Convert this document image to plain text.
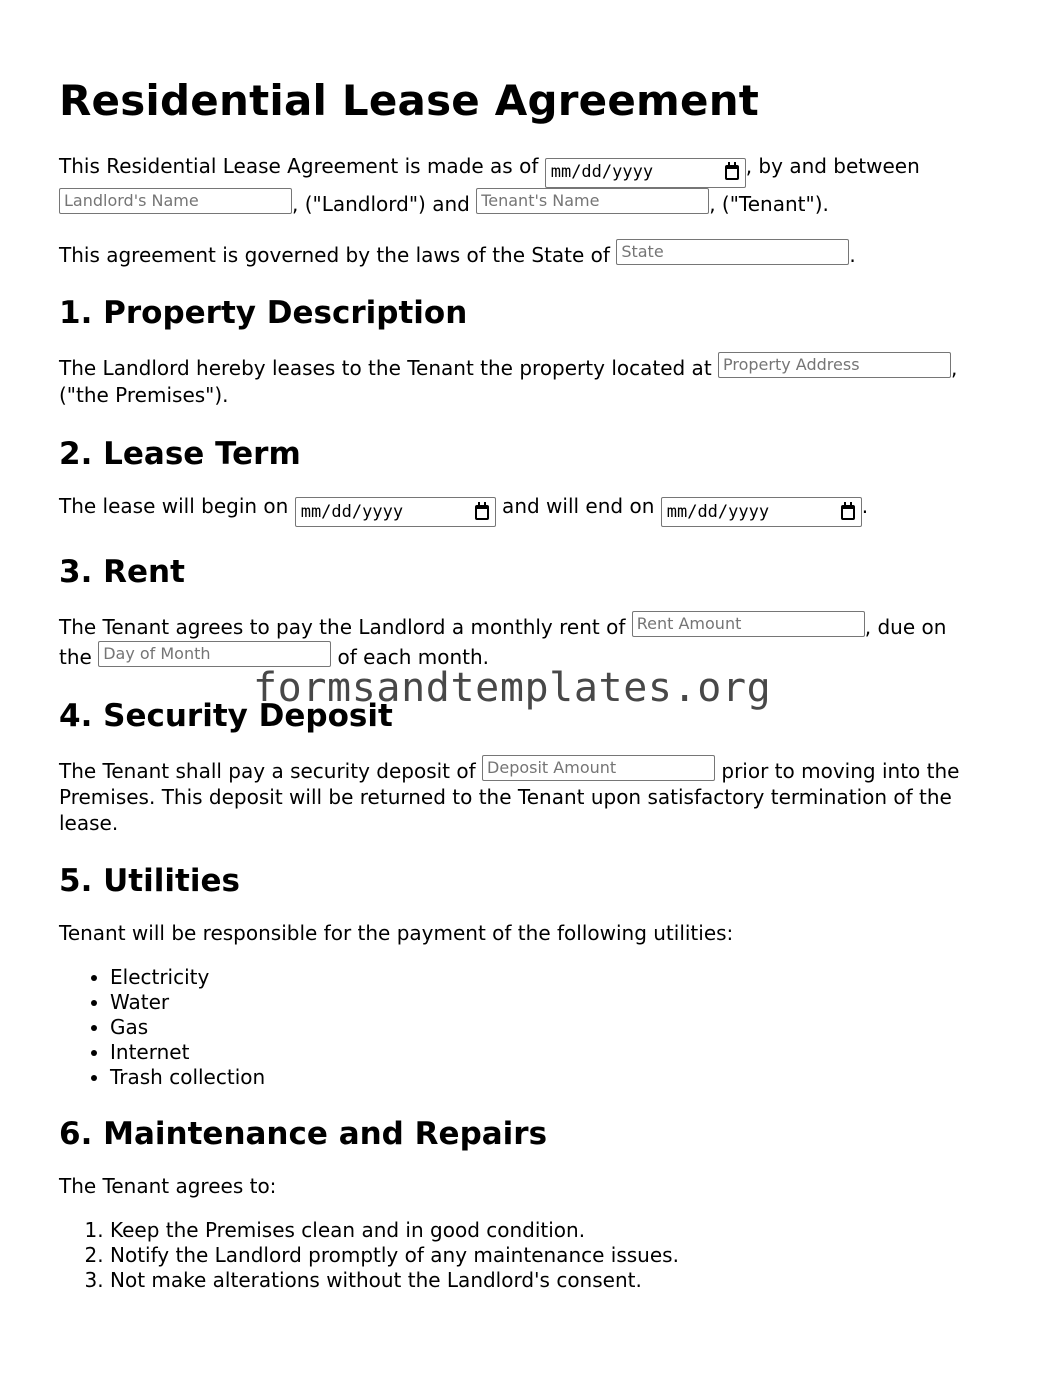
Residential Lease Agreement

This Residential Lease Agreement is made as of mm/dd/yyyy	, by and between
Landlord's Name	, ("Landlord") and Tenant's Name	, ("Tenant").

This agreement is governed by the laws of the State of State	.

1. Property Description

The Landlord hereby leases to the Tenant the property located at Property Address	,
("the Premises").

2. Lease Term

The lease will begin on mm/dd/yyyy	and will end on mm/dd/yyyy	.

3. Rent

The Tenant agrees to pay the Landlord a monthly rent of Rent Amount	, due on
the Day of Month	of each month.

4. Security Deposit

The Tenant shall pay a security deposit of Deposit Amount	prior to moving into the Premises. This deposit will be returned to the Tenant upon satisfactory termination of the lease.

5. Utilities

Tenant will be responsible for the payment of the following utilities:

• Electricity
• Water
• Gas
• Internet
• Trash collection
6. Maintenance and Repairs

The Tenant agrees to:

1. Keep the Premises clean and in good condition.
2. Notify the Landlord promptly of any maintenance issues.
3. Not make alterations without the Landlord's consent.
formsandtemplates.org
